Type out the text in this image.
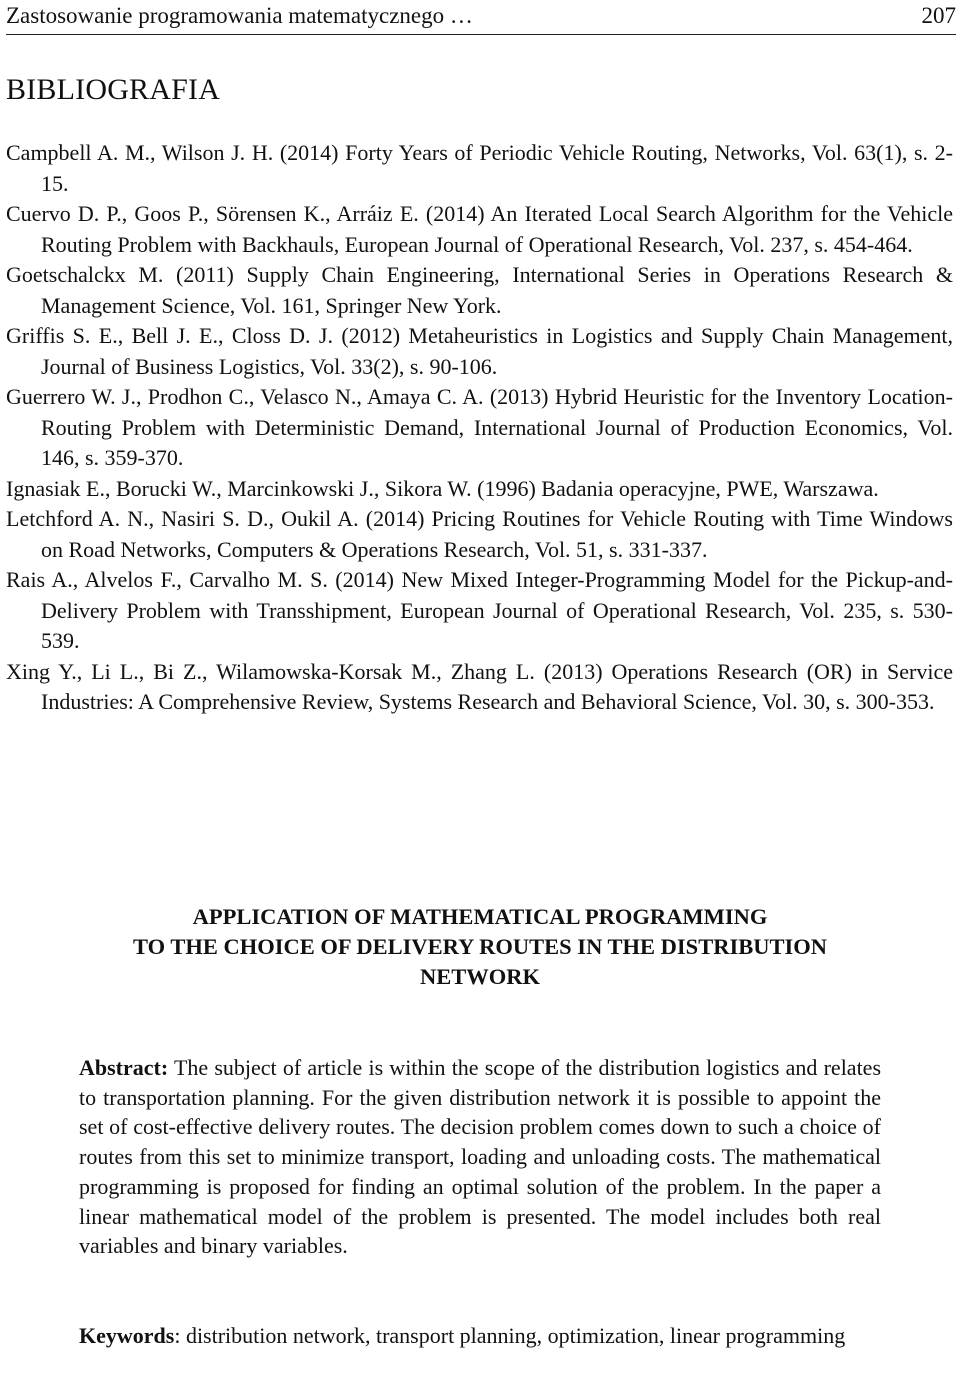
Zastosowanie programowania matematycznego …	207
BIBLIOGRAFIA

Campbell A. M., Wilson J. H. (2014) Forty Years of Periodic Vehicle Routing, Networks, Vol. 63(1), s. 2-15.

Cuervo D. P., Goos P., Sörensen K., Arráiz E. (2014) An Iterated Local Search Algorithm for the Vehicle Routing Problem with Backhauls, European Journal of Operational Research, Vol. 237, s. 454-464.

Goetschalckx M. (2011) Supply Chain Engineering, International Series in Operations Research & Management Science, Vol. 161, Springer New York.

Griffis S. E., Bell J. E., Closs D. J. (2012) Metaheuristics in Logistics and Supply Chain Management, Journal of Business Logistics, Vol. 33(2), s. 90-106.

Guerrero W. J., Prodhon C., Velasco N., Amaya C. A. (2013) Hybrid Heuristic for the Inventory Location-Routing Problem with Deterministic Demand, International Journal of Production Economics, Vol. 146, s. 359-370.

Ignasiak E., Borucki W., Marcinkowski J., Sikora W. (1996) Badania operacyjne, PWE, Warszawa.

Letchford A. N., Nasiri S. D., Oukil A. (2014) Pricing Routines for Vehicle Routing with Time Windows on Road Networks, Computers & Operations Research, Vol. 51, s. 331-337.

Rais A., Alvelos F., Carvalho M. S. (2014) New Mixed Integer-Programming Model for the Pickup-and-Delivery Problem with Transshipment, European Journal of Operational Research, Vol. 235, s. 530-539.

Xing Y., Li L., Bi Z., Wilamowska-Korsak M., Zhang L. (2013) Operations Research (OR) in Service Industries: A Comprehensive Review, Systems Research and Behavioral Science, Vol. 30, s. 300-353.

APPLICATION OF MATHEMATICAL PROGRAMMING
TO THE CHOICE OF DELIVERY ROUTES IN THE DISTRIBUTION
NETWORK

Abstract: The subject of article is within the scope of the distribution logistics and relates to transportation planning. For the given distribution network it is possible to appoint the set of cost-effective delivery routes. The decision problem comes down to such a choice of routes from this set to minimize transport, loading and unloading costs. The mathematical programming is proposed for finding an optimal solution of the problem. In the paper a linear mathematical model of the problem is presented. The model includes both real variables and binary variables.

Keywords: distribution network, transport planning, optimization, linear programming
